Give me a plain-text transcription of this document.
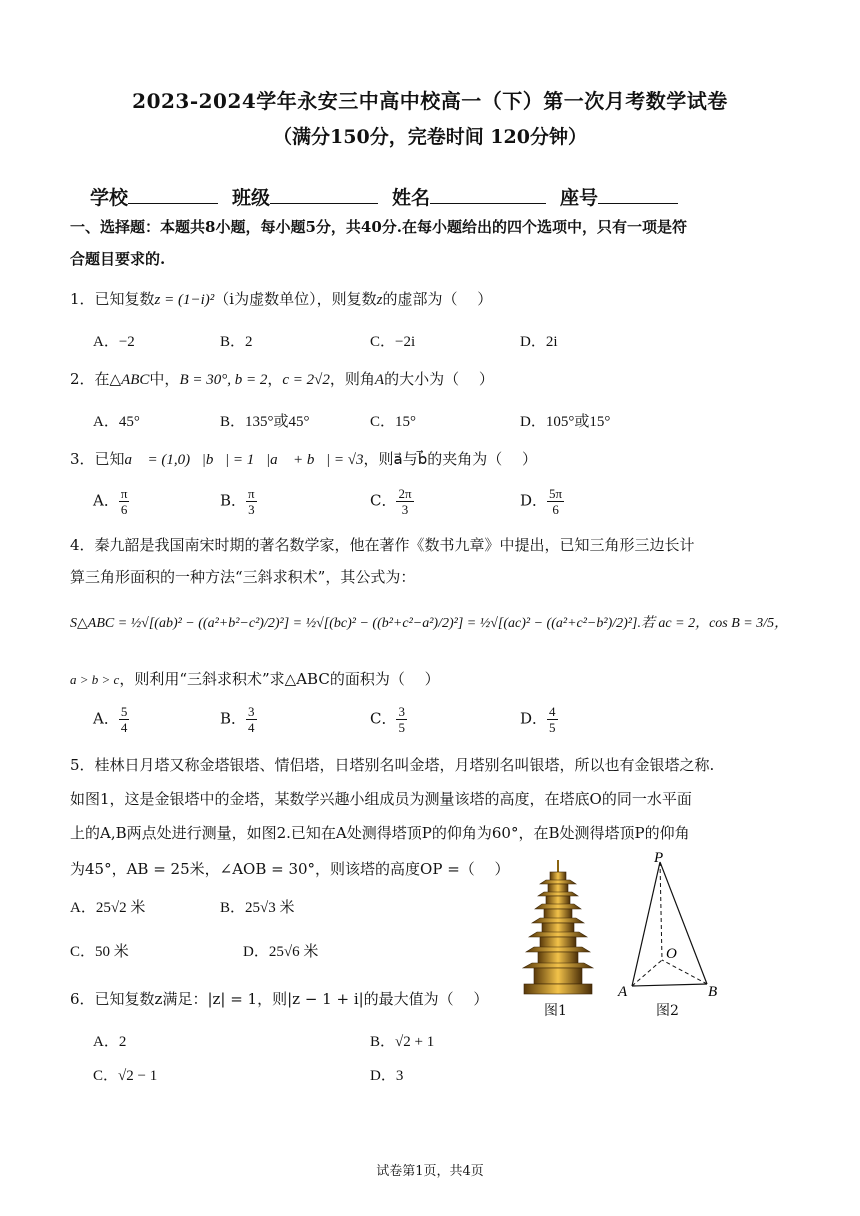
2023-2024学年永安三中高中校高一（下）第一次月考数学试卷
（满分150分，完卷时间 120分钟）
学校	班级	姓名	座号
一、选择题：本题共8小题，每小题5分，共40分.在每小题给出的四个选项中，只有一项是符
合题目要求的.
1．已知复数z = (1−i)²（i为虚数单位），则复数z的虚部为（　 ）
A．−2	B．2	C．−2i	D．2i
2．在△ABC中，B = 30°, b = 2，c = 2√2，则角A的大小为（　 ）
A．45°	B．135°或45°	C．15°	D．105°或15°
3．已知a⃗ = (1,0)，|b⃗| = 1，|a⃗ + b⃗| = √3，则a⃗与b⃗的夹角为（　 ）
A． $\frac{\pi}{6}$	B． $\frac{\pi}{3}$	C． $\frac{2\pi}{3}$	D． $\frac{5\pi}{6}$
4．秦九韶是我国南宋时期的著名数学家，他在著作《数书九章》中提出，已知三角形三边长计
算三角形面积的一种方法“三斜求积术”，其公式为：
S△ABC = ½√[(ab)² − ((a²+b²−c²)/2)²] = ½√[(bc)² − ((b²+c²−a²)/2)²] = ½√[(ac)² − ((a²+c²−b²)/2)²].若 ac = 2，cos B = 3/5，
a > b > c，则利用“三斜求积术”求△ABC的面积为（　 ）
A． $\frac{5}{4}$	B． $\frac{3}{4}$	C． $\frac{3}{5}$	D． $\frac{4}{5}$
5．桂林日月塔又称金塔银塔、情侣塔，日塔别名叫金塔，月塔别名叫银塔，所以也有金银塔之称.
如图1，这是金银塔中的金塔，某数学兴趣小组成员为测量该塔的高度，在塔底O的同一水平面
上的A,B两点处进行测量，如图2.已知在A处测得塔顶P的仰角为60°，在B处测得塔顶P的仰角
为45°，AB = 25米，∠AOB = 30°，则该塔的高度OP =（　 ）
A．25√2 米	B．25√3 米
C．50 米	D．25√6 米
图1
P
O
A	B
图2
6．已知复数z满足：|z| = 1，则|z − 1 + i|的最大值为（　 ）
A．2	B．√2 + 1
C．√2 − 1	D．3
试卷第1页，共4页
